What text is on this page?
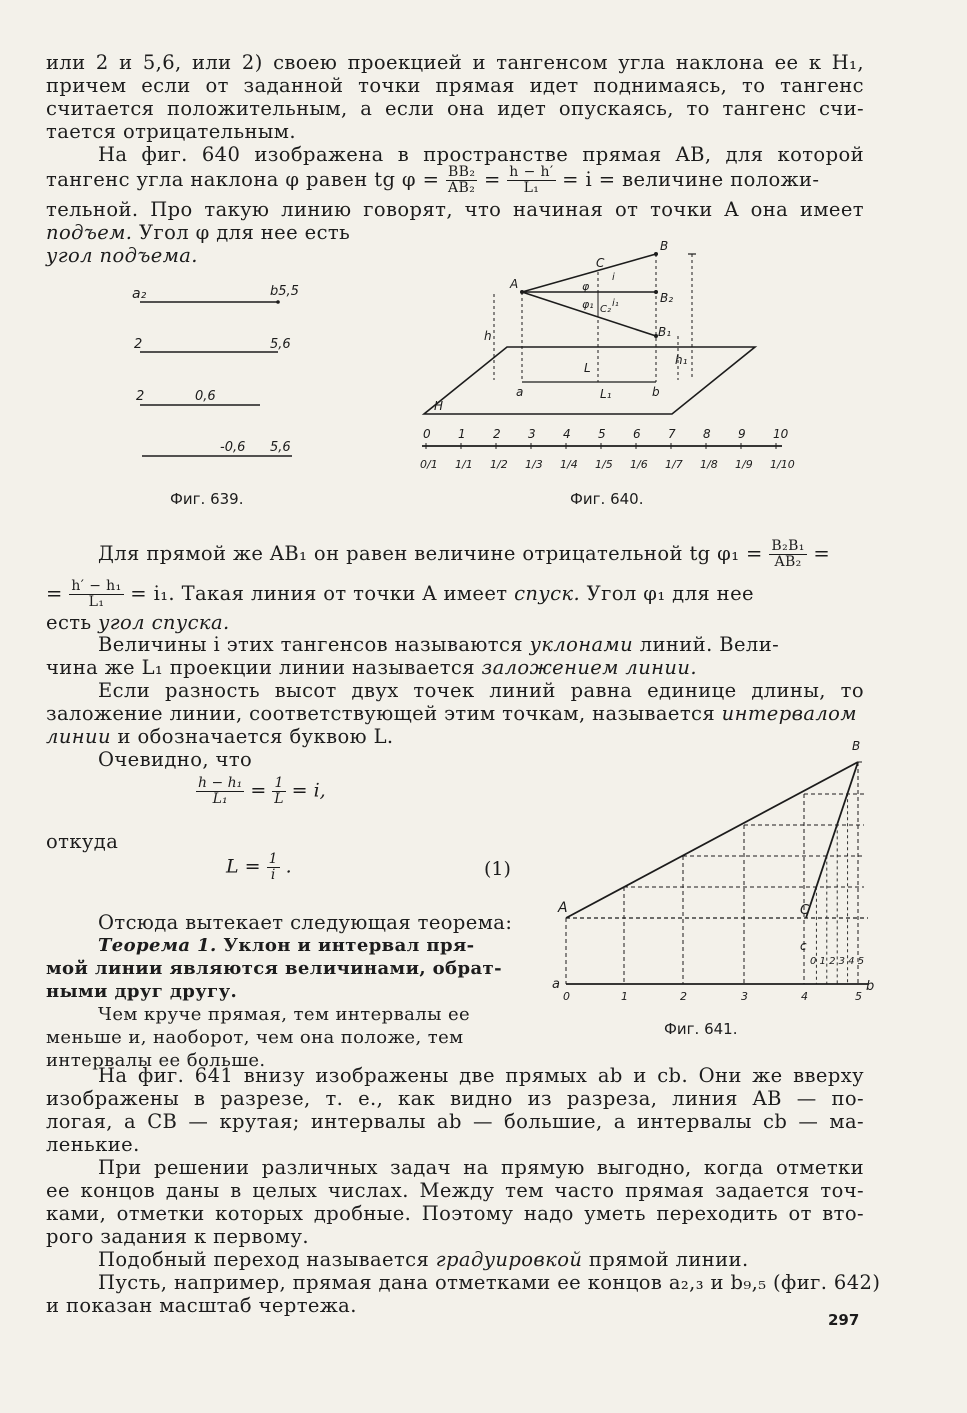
или 2 и 5,6, или 2) своею проекцией и тангенсом угла наклона ее к H₁,
причем если от заданной точки прямая идет поднимаясь, то тангенс
считается положительным, а если она идет опускаясь, то тангенс счи-
тается отрицательным.
На фиг. 640 изображена в пространстве прямая AB, для которой
тангенс угла наклона φ равен tg $\varphi = \frac{\text{BB₂}}{\text{AB₂}} = \frac{h - h'}{\text{L₁}} = i$ = величине положи-
тельной. Про такую линию говорят, что начиная от точки A она имеет
подъем. Угол φ для нее есть
угол подъема.
a₂	b5,5
2	5,6
2	0,6
-0,6 5,6
Фиг. 639.
H
A
B
C
B₂
B₁
C₂
φ
φ₁
i
i₁
h
h₁
L
L₁
a	b
0
0/1
1
1/1
2
1/2
3
1/3
4
1/4
5
1/5
6
1/6
7
1/7
8
1/8
9
1/9
10
1/10
Фиг. 640.
Для прямой же AB₁ он равен величине отрицательной tg $\varphi_1 = \frac{\text{B₂B₁}}{\text{AB₂}}$ =
= $\frac{\text{h′ − h₁}}{\text{L₁}} = i_1$. Такая линия от точки A имеет спуск. Угол φ₁ для нее
есть угол спуска.
Величины i этих тангенсов называются уклонами линий. Вели-
чина же L₁ проекции линии называется заложением линии.
Если разность высот двух точек линий равна единице длины, то
заложение линии, соответствующей этим точкам, называется интервалом
линии и обозначается буквою L.
Очевидно, что
$\frac{\text{h − h₁}}{\text{L₁}} = \frac{1}{L} = i$,
откуда
$L = \frac{1}{i}$ .	(1)
Отсюда вытекает следующая теорема:
Теорема 1. Уклон и интервал пря-
мой линии являются величинами, обрат-
ными друг другу.
Чем круче прямая, тем интервалы ее
меньше и, наоборот, чем она положе, тем
интервалы ее больше.
0	1	2	3	4	5
A
B
C
a	b
c
0 1 2 3 4 5
Фиг. 641.
На фиг. 641 внизу изображены две прямых ab и cb. Они же вверху
изображены в разрезе, т. е., как видно из разреза, линия AB — по-
логая, а CB — крутая; интервалы ab — большие, а интервалы cb — ма-
ленькие.
При решении различных задач на прямую выгодно, когда отметки
ее концов даны в целых числах. Между тем часто прямая задается точ-
ками, отметки которых дробные. Поэтому надо уметь переходить от вто-
рого задания к первому.
Подобный переход называется градуировкой прямой линии.
Пусть, например, прямая дана отметками ее концов a₂,₃ и b₉,₅ (фиг. 642)
и показан масштаб чертежа.
297
